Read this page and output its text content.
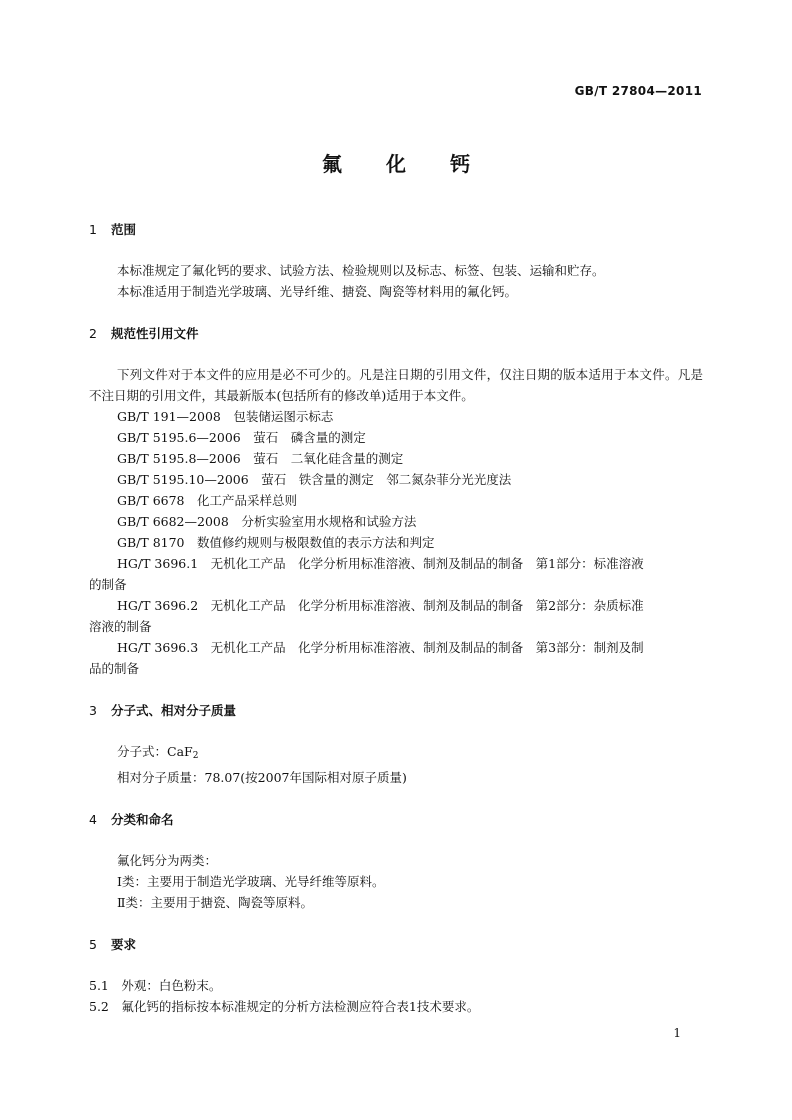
GB/T 27804—2011
氟化钙
1 范围

本标准规定了氟化钙的要求、试验方法、检验规则以及标志、标签、包装、运输和贮存。

本标准适用于制造光学玻璃、光导纤维、搪瓷、陶瓷等材料用的氟化钙。

2 规范性引用文件

下列文件对于本文件的应用是必不可少的。凡是注日期的引用文件，仅注日期的版本适用于本文件。凡是不注日期的引用文件，其最新版本(包括所有的修改单)适用于本文件。

GB/T 191—2008　包装储运图示标志
GB/T 5195.6—2006　萤石　磷含量的测定
GB/T 5195.8—2006　萤石　二氧化硅含量的测定
GB/T 5195.10—2006　萤石　铁含量的测定　邻二氮杂菲分光光度法
GB/T 6678　化工产品采样总则
GB/T 6682—2008　分析实验室用水规格和试验方法
GB/T 8170　数值修约规则与极限数值的表示方法和判定
HG/T 3696.1　无机化工产品　化学分析用标准溶液、制剂及制品的制备　第1部分：标准溶液
的制备
HG/T 3696.2　无机化工产品　化学分析用标准溶液、制剂及制品的制备　第2部分：杂质标准
溶液的制备
HG/T 3696.3　无机化工产品　化学分析用标准溶液、制剂及制品的制备　第3部分：制剂及制
品的制备
3 分子式、相对分子质量

分子式：CaF$_2$

相对分子质量：78.07(按2007年国际相对原子质量)

4 分类和命名

氟化钙分为两类：

Ⅰ类：主要用于制造光学玻璃、光导纤维等原料。

Ⅱ类：主要用于搪瓷、陶瓷等原料。

5 要求

5.1　外观：白色粉末。

5.2　氟化钙的指标按本标准规定的分析方法检测应符合表1技术要求。

1
